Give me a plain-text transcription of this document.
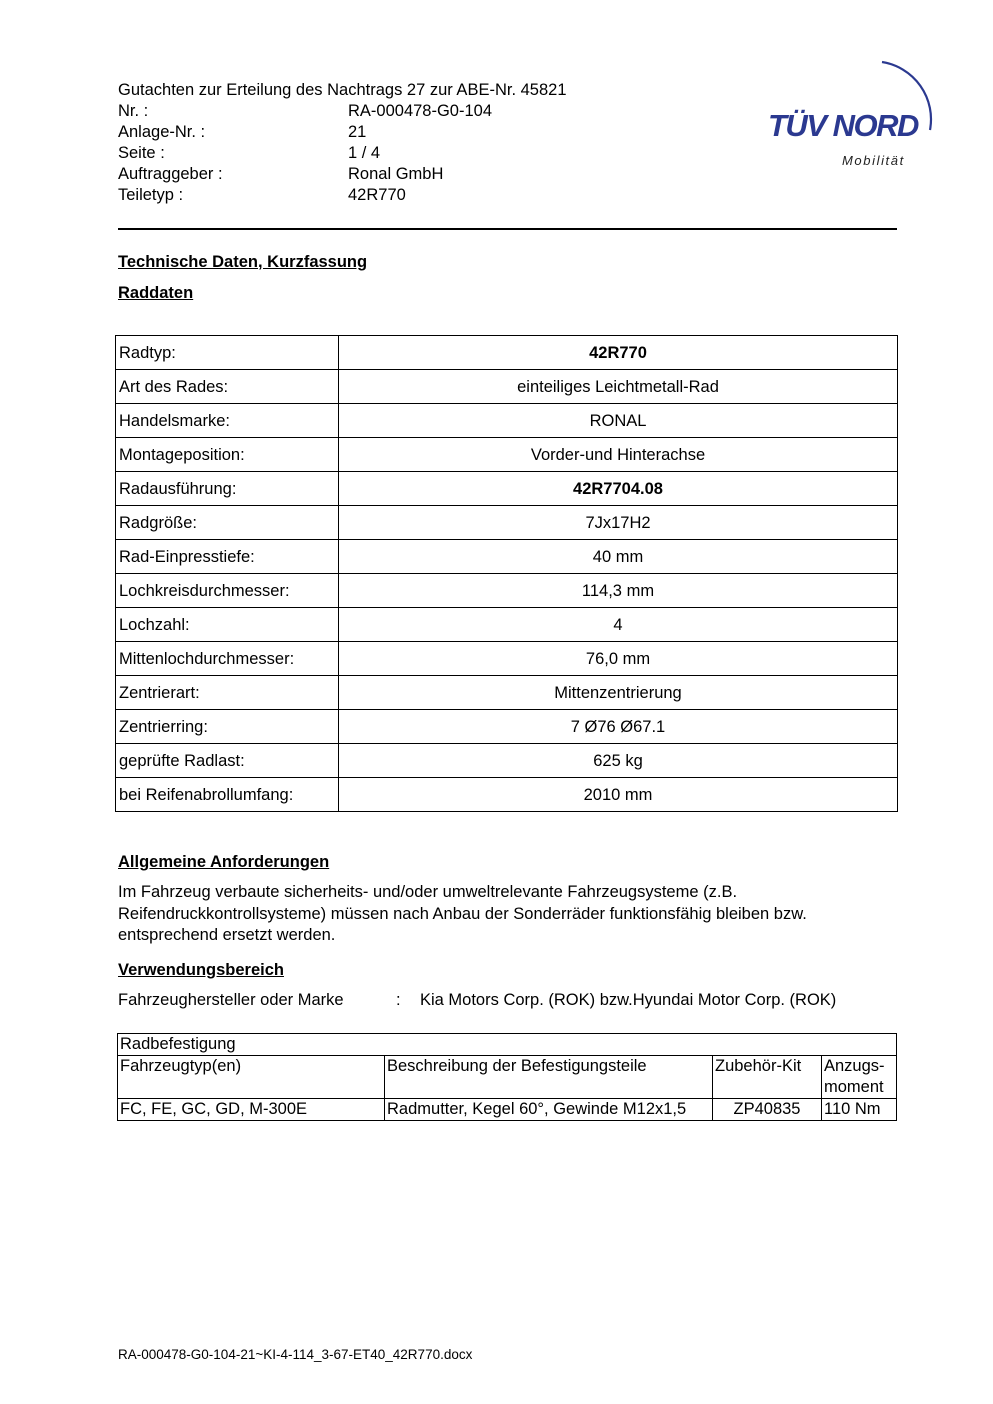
Gutachten zur Erteilung des Nachtrags 27 zur ABE-Nr. 45821
Nr. :	RA-000478-G0-104
Anlage-Nr. :	21
Seite :	1 / 4
Auftraggeber :	Ronal GmbH
Teiletyp :	42R770
TÜV NORD
Mobilität
Technische Daten, Kurzfassung
Raddaten
Radtyp:	42R770
Art des Rades:	einteiliges Leichtmetall-Rad
Handelsmarke:	RONAL
Montageposition:	Vorder-und Hinterachse
Radausführung:	42R7704.08
Radgröße:	7Jx17H2
Rad-Einpresstiefe:	40 mm
Lochkreisdurchmesser:	114,3 mm
Lochzahl:	4
Mittenlochdurchmesser:	76,0 mm
Zentrierart:	Mittenzentrierung
Zentrierring:	7 Ø76 Ø67.1
geprüfte Radlast:	625 kg
bei Reifenabrollumfang:	2010 mm
Allgemeine Anforderungen
Im Fahrzeug verbaute sicherheits- und/oder umweltrelevante Fahrzeugsysteme (z.B. Reifendruckkontrollsysteme) müssen nach Anbau der Sonderräder funktionsfähig bleiben bzw. entsprechend ersetzt werden.
Verwendungsbereich
Fahrzeughersteller oder Marke	: Kia Motors Corp. (ROK) bzw.Hyundai Motor Corp. (ROK)
Radbefestigung			
Fahrzeugtyp(en)	Beschreibung der Befestigungsteile	Zubehör-Kit	Anzugs-
moment
FC, FE, GC, GD, M-300E	Radmutter, Kegel 60°, Gewinde M12x1,5	ZP40835	110 Nm
RA-000478-G0-104-21~KI-4-114_3-67-ET40_42R770.docx
